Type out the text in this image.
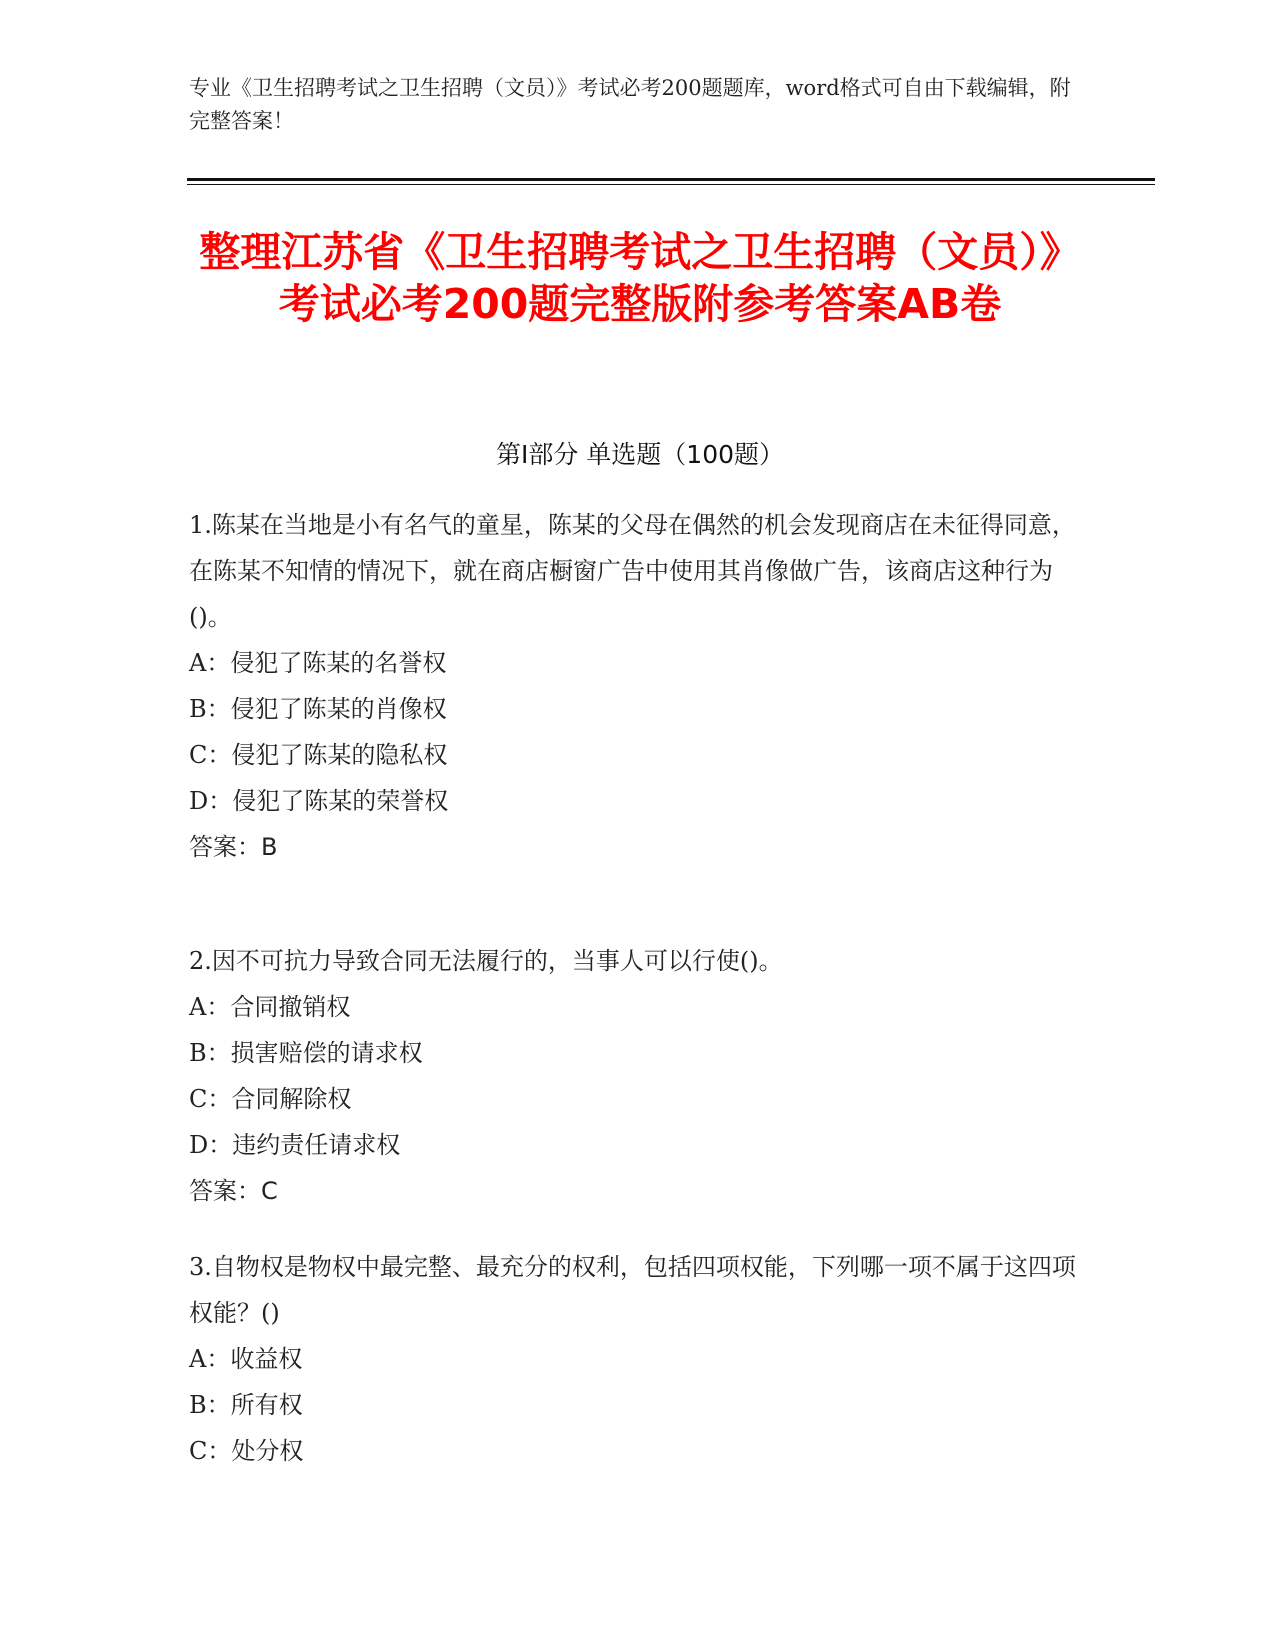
专业《卫生招聘考试之卫生招聘（文员）》考试必考200题题库，word格式可自由下载编辑，附完整答案！
整理江苏省《卫生招聘考试之卫生招聘（文员）》考试必考200题完整版附参考答案AB卷
第Ⅰ部分 单选题（100题）
1.陈某在当地是小有名气的童星，陈某的父母在偶然的机会发现商店在未征得同意，在陈某不知情的情况下，就在商店橱窗广告中使用其肖像做广告，该商店这种行为()。
A：侵犯了陈某的名誉权
B：侵犯了陈某的肖像权
C：侵犯了陈某的隐私权
D：侵犯了陈某的荣誉权
答案：B
2.因不可抗力导致合同无法履行的，当事人可以行使()。
A：合同撤销权
B：损害赔偿的请求权
C：合同解除权
D：违约责任请求权
答案：C
3.自物权是物权中最完整、最充分的权利，包括四项权能，下列哪一项不属于这四项权能？()
A：收益权
B：所有权
C：处分权
